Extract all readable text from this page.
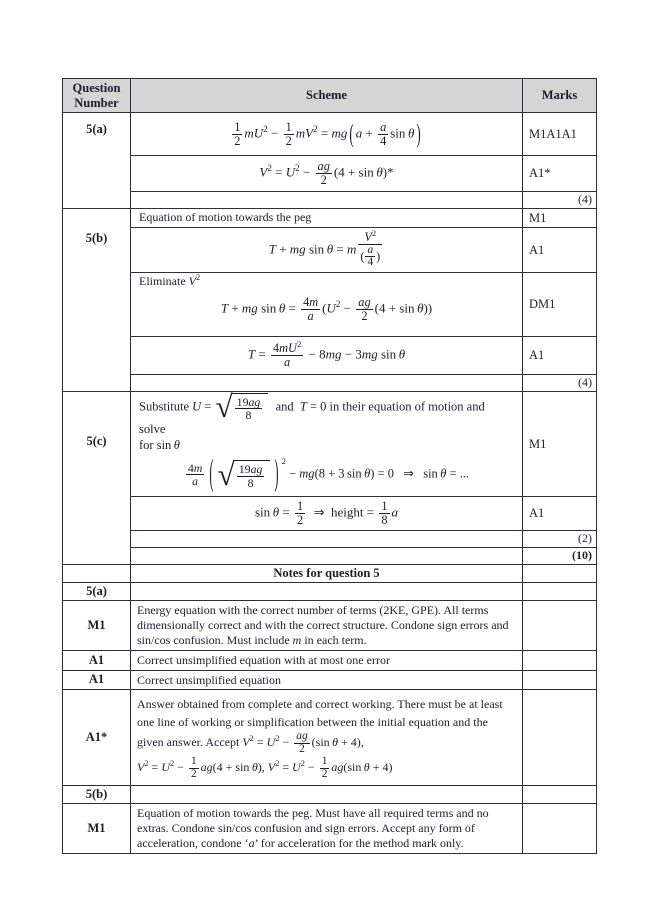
Question Number	Scheme	Marks
5(a)	$\frac{1}{2} mU^2 - \frac{1}{2} mV^2$ = mg ( $a + \frac{a}{4}$ sin θ )	M1A1A1
	$V^2 = U^2 - \frac{ag}{2} (4 + \sin \theta)*$	A1*
		(4)
5(b)	Equation of motion towards the peg	M1
T + mg sin θ = m $\frac{V^2}{( \frac{a}{4} )}$	A1

Eliminate $V^2$
T + mg $\sin \theta = \frac{4m}{a} (U^2 - \frac{ag}{2} (4 + \sin \theta))$	DM1
	$T = \frac{4mU^2}{a} - 8mg - 3mg$ sin θ	A1
		(4)
5(c)	
Substitute U = √ $\frac{19ag}{8}$ and  T = 0 in their equation of motion and solve
for sin θ
$\frac{4m}{a}$ ( √ $\frac{19ag}{8}$ ) $^2$ − mg(8 + 3 sin θ) = 0   ⇒   sin θ = ...
	M1
$\sin \theta = \frac{1}{2}$ ⇒  height = $\frac{1}{8}$ a	A1
		(2)
		(10)
	Notes for question 5	
5(a)		
M1	Energy equation with the correct number of terms (2KE, GPE). All terms dimensionally correct and with the correct structure. Condone sign errors and sin/cos confusion. Must include m in each term.	
A1	Correct unsimplified equation with at most one error	
A1	Correct unsimplified equation	
A1*	Answer obtained from complete and correct working. There must be at least one line of working or simplification between the initial equation and the given answer. Accept $V^2 = U^2 - \frac{ag}{2} (\sin$ θ + 4),
$V^2 = U^2 - \frac{1}{2} ag(4 + \sin \theta)$, $V^2 = U^2 - \frac{1}{2} ag(\sin$ θ + 4)	
5(b)		
M1	Equation of motion towards the peg. Must have all required terms and no extras. Condone sin/cos confusion and sign errors. Accept any form of acceleration, condone ‘a’ for acceleration for the method mark only.	
